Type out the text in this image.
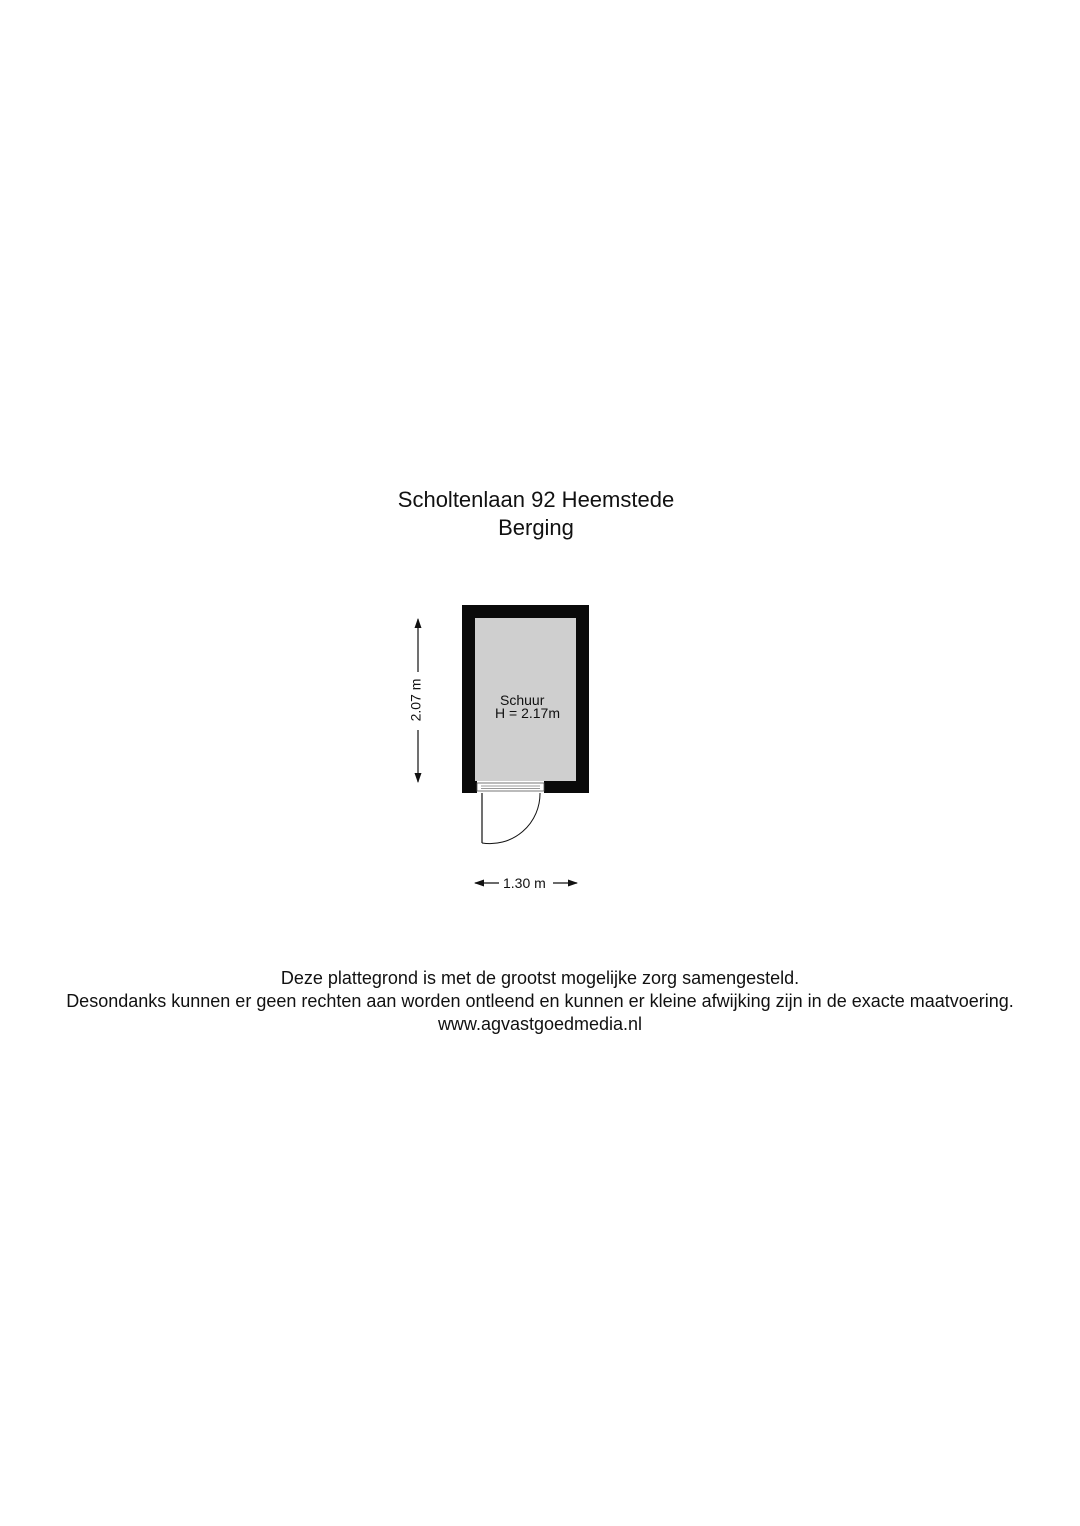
Scholtenlaan 92 Heemstede
Berging
Schuur
H = 2.17m
2.07 m
1.30 m
Deze plattegrond is met de grootst mogelijke zorg samengesteld.
Desondanks kunnen er geen rechten aan worden ontleend en kunnen er kleine afwijking zijn in de exacte maatvoering.
www.agvastgoedmedia.nl
